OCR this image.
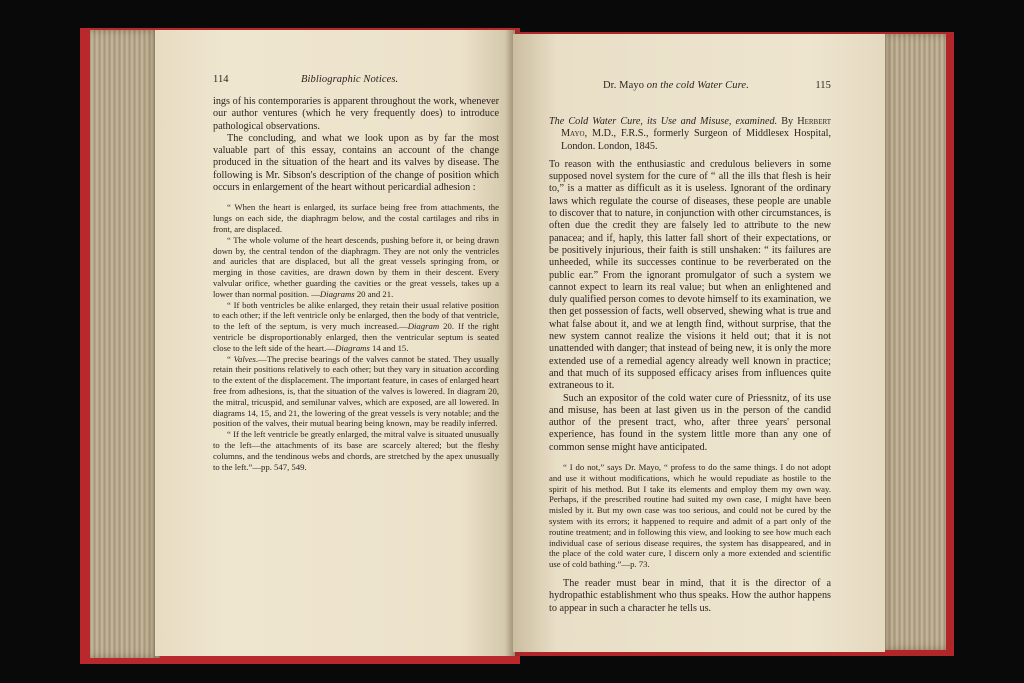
114	Bibliographic Notices.

ings of his contemporaries is apparent throughout the work, whenever our author ventures (which he very frequently does) to introduce pathological observations.

The concluding, and what we look upon as by far the most valuable part of this essay, contains an account of the change produced in the situation of the heart and its valves by disease. The following is Mr. Sibson's description of the change of position which occurs in enlargement of the heart without pericardial adhesion :

“ When the heart is enlarged, its surface being free from attachments, the lungs on each side, the diaphragm below, and the costal cartilages and ribs in front, are displaced.

“ The whole volume of the heart descends, pushing before it, or being drawn down by, the central tendon of the diaphragm. They are not only the ventricles and auricles that are displaced, but all the great vessels springing from, or merging in those cavities, are drawn down by them in their descent. Every valvular orifice, whether guarding the cavities or the great vessels, takes up a lower than normal position. —Diagrams 20 and 21.

“ If both ventricles be alike enlarged, they retain their usual relative position to each other; if the left ventricle only be enlarged, then the body of that ventricle, to the left of the septum, is very much increased.—Diagram 20. If the right ventricle be disproportionably enlarged, then the ventricular septum is seated close to the left side of the heart.—Diagrams 14 and 15.

“ Valves.—The precise bearings of the valves cannot be stated. They usually retain their positions relatively to each other; but they vary in situation according to the extent of the displacement. The important feature, in cases of enlarged heart free from adhesions, is, that the situation of the valves is lowered. In diagram 20, the mitral, tricuspid, and semilunar valves, which are exposed, are all lowered. In diagrams 14, 15, and 21, the lowering of the great vessels is very notable; and the position of the valves, their mutual bearing being known, may be readily inferred.

“ If the left ventricle be greatly enlarged, the mitral valve is situated unusually to the left—the attachments of its base are scarcely altered; but the fleshy columns, and the tendinous webs and chords, are stretched by the apex unusually to the left.”—pp. 547, 549.

Dr. Mayo on the cold Water Cure.	115

The Cold Water Cure, its Use and Misuse, examined. By Herbert Mayo, M.D., F.R.S., formerly Surgeon of Middlesex Hospital, London. London, 1845.

To reason with the enthusiastic and credulous believers in some supposed novel system for the cure of “ all the ills that flesh is heir to,” is a matter as difficult as it is useless. Ignorant of the ordinary laws which regulate the course of diseases, these people are unable to discover that to nature, in conjunction with other circumstances, is often due the credit they are falsely led to attribute to the new panacea; and if, haply, this latter fall short of their expectations, or be positively injurious, their faith is still unshaken: “ its failures are unheeded, while its successes continue to be reverberated on the public ear.” From the ignorant promulgator of such a system we cannot expect to learn its real value; but when an enlightened and duly qualified person comes to devote himself to its examination, we then get possession of facts, well observed, shewing what is true and what false about it, and we at length find, without surprise, that the new system cannot realize the visions it held out; that it is not unattended with danger; that instead of being new, it is only the more extended use of a remedial agency already well known in practice; and that much of its supposed efficacy arises from influences quite extraneous to it.

Such an expositor of the cold water cure of Priessnitz, of its use and misuse, has been at last given us in the person of the candid author of the present tract, who, after three years' personal experience, has found in the system little more than any one of common sense might have anticipated.

“ I do not,” says Dr. Mayo, “ profess to do the same things. I do not adopt and use it without modifications, which he would repudiate as hostile to the spirit of his method. But I take its elements and employ them my own way. Perhaps, if the prescribed routine had suited my own case, I might have been misled by it. But my own case was too serious, and could not be cured by the system with its errors; it happened to require and admit of a part only of the routine treatment; and in following this view, and looking to see how much each individual case of serious disease requires, the system has disappeared, and in the place of the cold water cure, I discern only a more extended and scientific use of cold bathing.”—p. 73.

The reader must bear in mind, that it is the director of a hydropathic establishment who thus speaks. How the author happens to appear in such a character he tells us.
